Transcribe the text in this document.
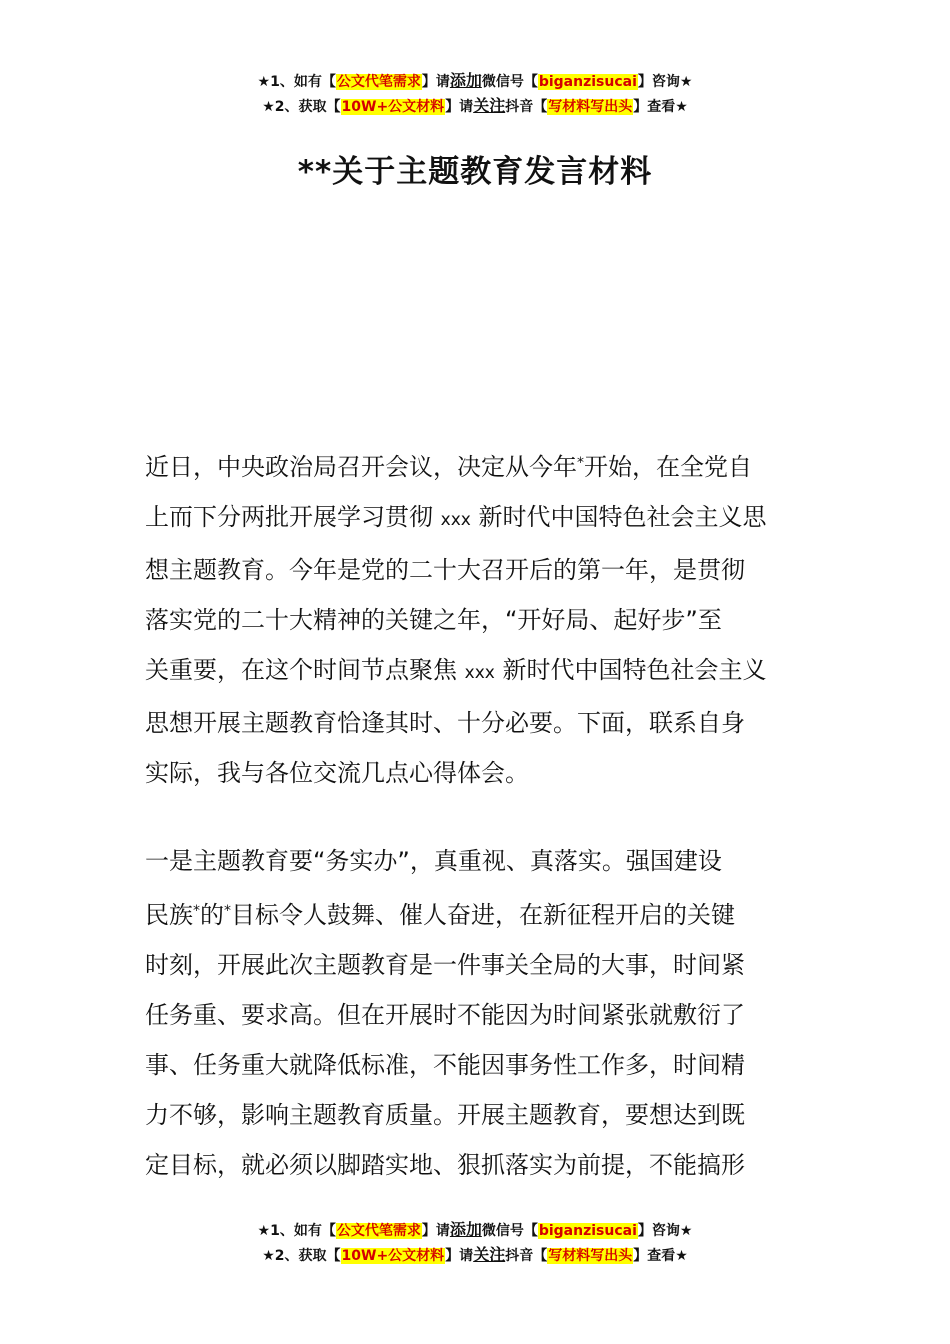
★1、如有【公文代笔需求】请添加微信号【biganzisucai】咨询★
★2、获取【10W+公文材料】请关注抖音【写材料写出头】查看★
**关于主题教育发言材料
近日，中央政治局召开会议，决定从今年*开始，在全党自
上而下分两批开展学习贯彻 xxx 新时代中国特色社会主义思
想主题教育。今年是党的二十大召开后的第一年，是贯彻
落实党的二十大精神的关键之年，“开好局、起好步”至
关重要，在这个时间节点聚焦 xxx 新时代中国特色社会主义
思想开展主题教育恰逢其时、十分必要。下面，联系自身
实际，我与各位交流几点心得体会。
一是主题教育要“务实办”，真重视、真落实。强国建设
民族*的*目标令人鼓舞、催人奋进，在新征程开启的关键
时刻，开展此次主题教育是一件事关全局的大事，时间紧
任务重、要求高。但在开展时不能因为时间紧张就敷衍了
事、任务重大就降低标准，不能因事务性工作多，时间精
力不够，影响主题教育质量。开展主题教育，要想达到既
定目标，就必须以脚踏实地、狠抓落实为前提，不能搞形
★1、如有【公文代笔需求】请添加微信号【biganzisucai】咨询★
★2、获取【10W+公文材料】请关注抖音【写材料写出头】查看★
